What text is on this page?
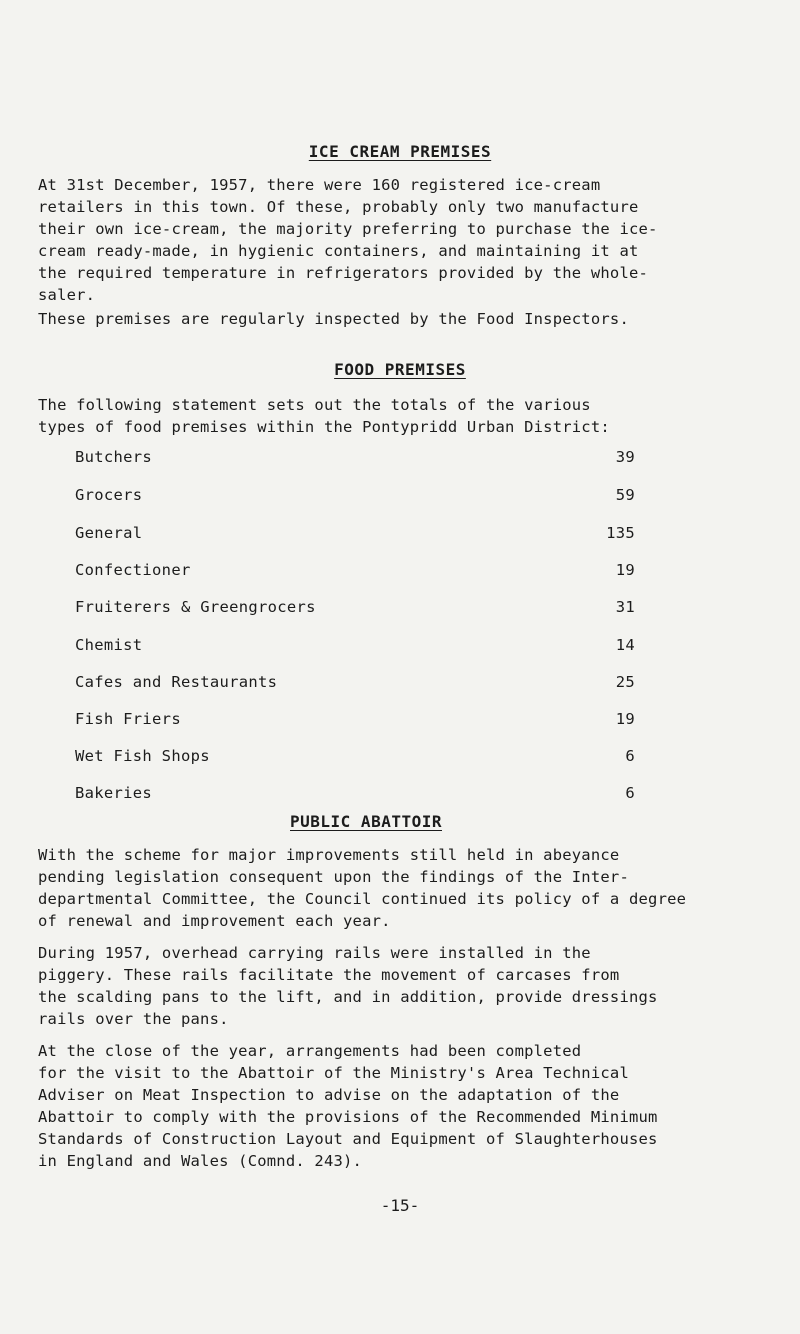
ICE CREAM PREMISES

At 31st December, 1957, there were 160 registered ice-cream
retailers in this town. Of these, probably only two manufacture
their own ice-cream, the majority preferring to purchase the ice-
cream ready-made, in hygienic containers, and maintaining it at
the required temperature in refrigerators provided by the whole-
saler.

These premises are regularly inspected by the Food Inspectors.

FOOD PREMISES

The following statement sets out the totals of the various
types of food premises within the Pontypridd Urban District:

Butchers	39
Grocers	59
General	135
Confectioner	19
Fruiterers & Greengrocers	31
Chemist	14
Cafes and Restaurants	25
Fish Friers	19
Wet Fish Shops	6
Bakeries	6
PUBLIC ABATTOIR

With the scheme for major improvements still held in abeyance
pending legislation consequent upon the findings of the Inter-
departmental Committee, the Council continued its policy of a degree
of renewal and improvement each year.

During 1957, overhead carrying rails were installed in the
piggery. These rails facilitate the movement of carcases from
the scalding pans to the lift, and in addition, provide dressings
rails over the pans.

At the close of the year, arrangements had been completed
for the visit to the Abattoir of the Ministry's Area Technical
Adviser on Meat Inspection to advise on the adaptation of the
Abattoir to comply with the provisions of the Recommended Minimum
Standards of Construction Layout and Equipment of Slaughterhouses
in England and Wales (Comnd. 243).

-15-
